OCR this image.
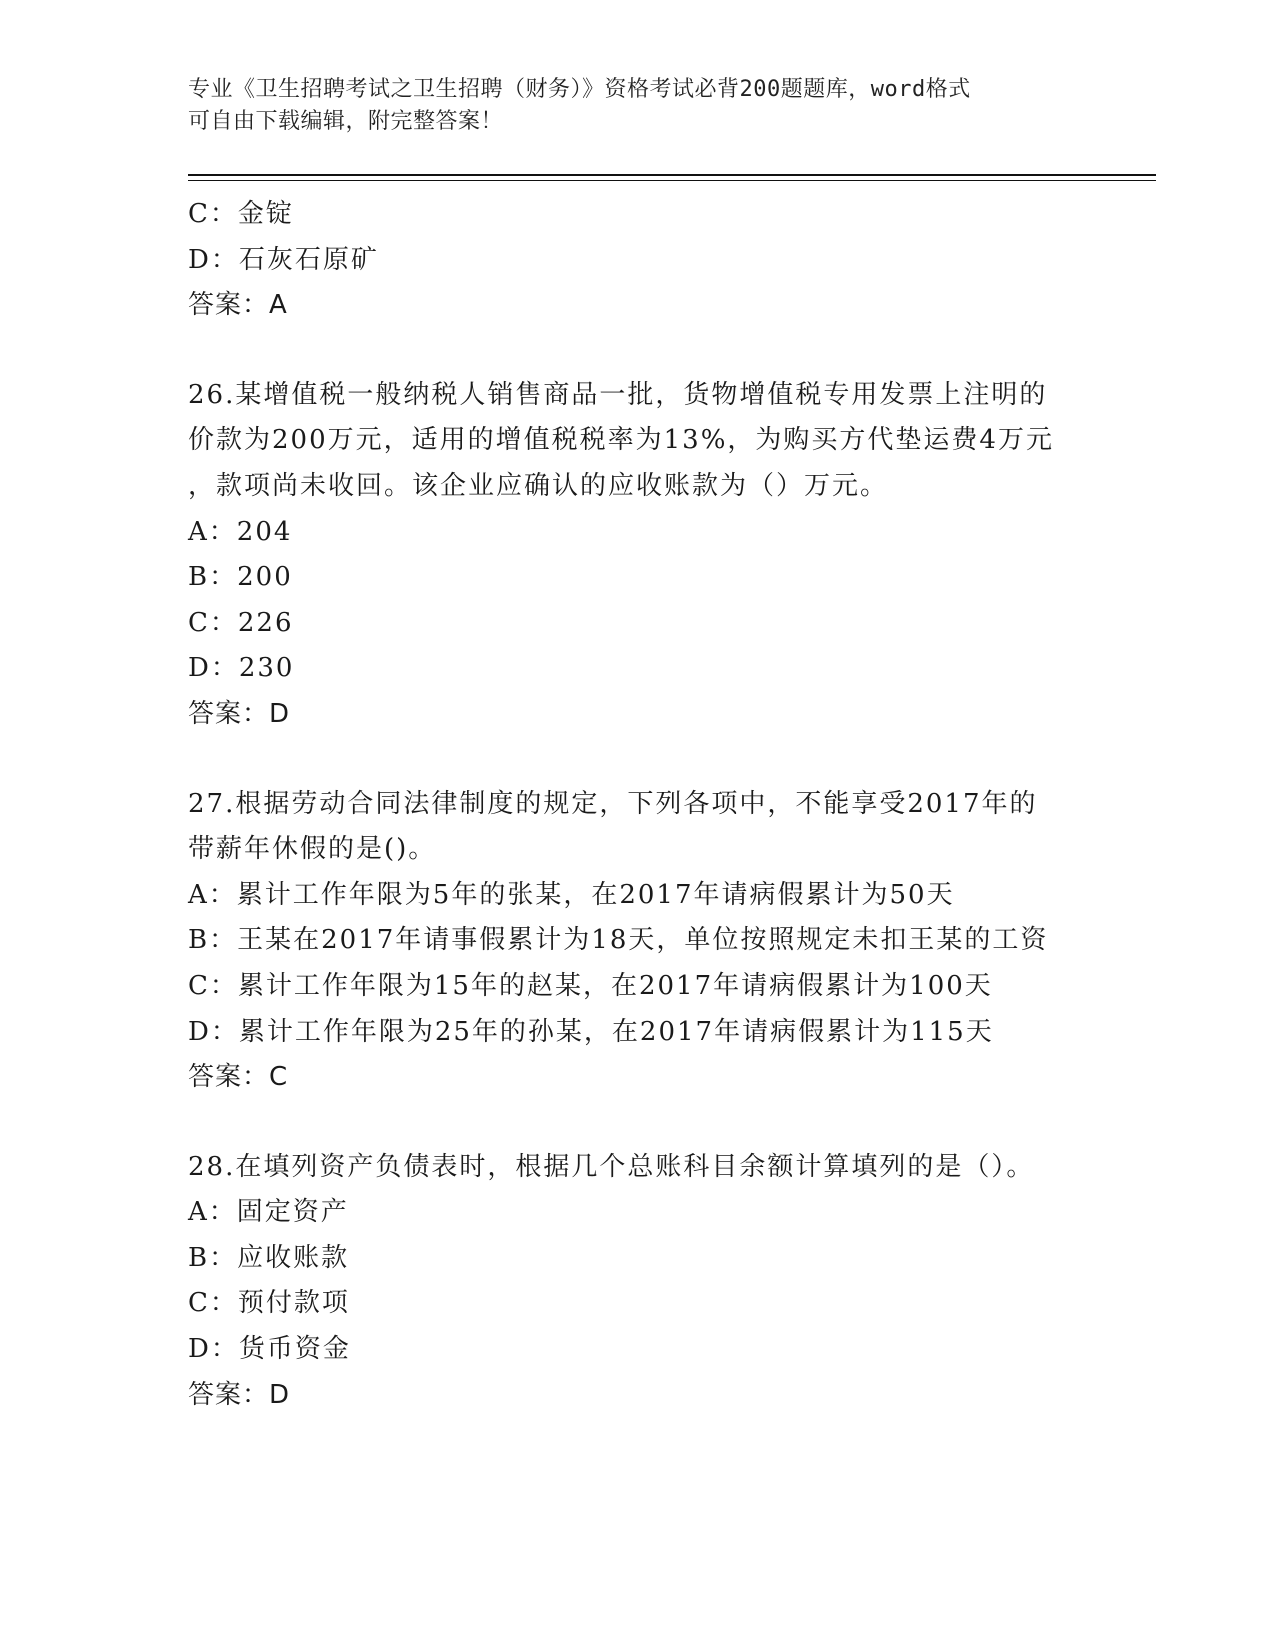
专业《卫生招聘考试之卫生招聘（财务）》资格考试必背200题题库，word格式
可自由下载编辑，附完整答案！
C：金锭
D：石灰石原矿
答案：A
26.某增值税一般纳税人销售商品一批，货物增值税专用发票上注明的
价款为200万元，适用的增值税税率为13%，为购买方代垫运费4万元
，款项尚未收回。该企业应确认的应收账款为（）万元。
A：204
B：200
C：226
D：230
答案：D
27.根据劳动合同法律制度的规定，下列各项中，不能享受2017年的
带薪年休假的是()。
A：累计工作年限为5年的张某，在2017年请病假累计为50天
B：王某在2017年请事假累计为18天，单位按照规定未扣王某的工资
C：累计工作年限为15年的赵某，在2017年请病假累计为100天
D：累计工作年限为25年的孙某，在2017年请病假累计为115天
答案：C
28.在填列资产负债表时，根据几个总账科目余额计算填列的是（）。
A：固定资产
B：应收账款
C：预付款项
D：货币资金
答案：D
